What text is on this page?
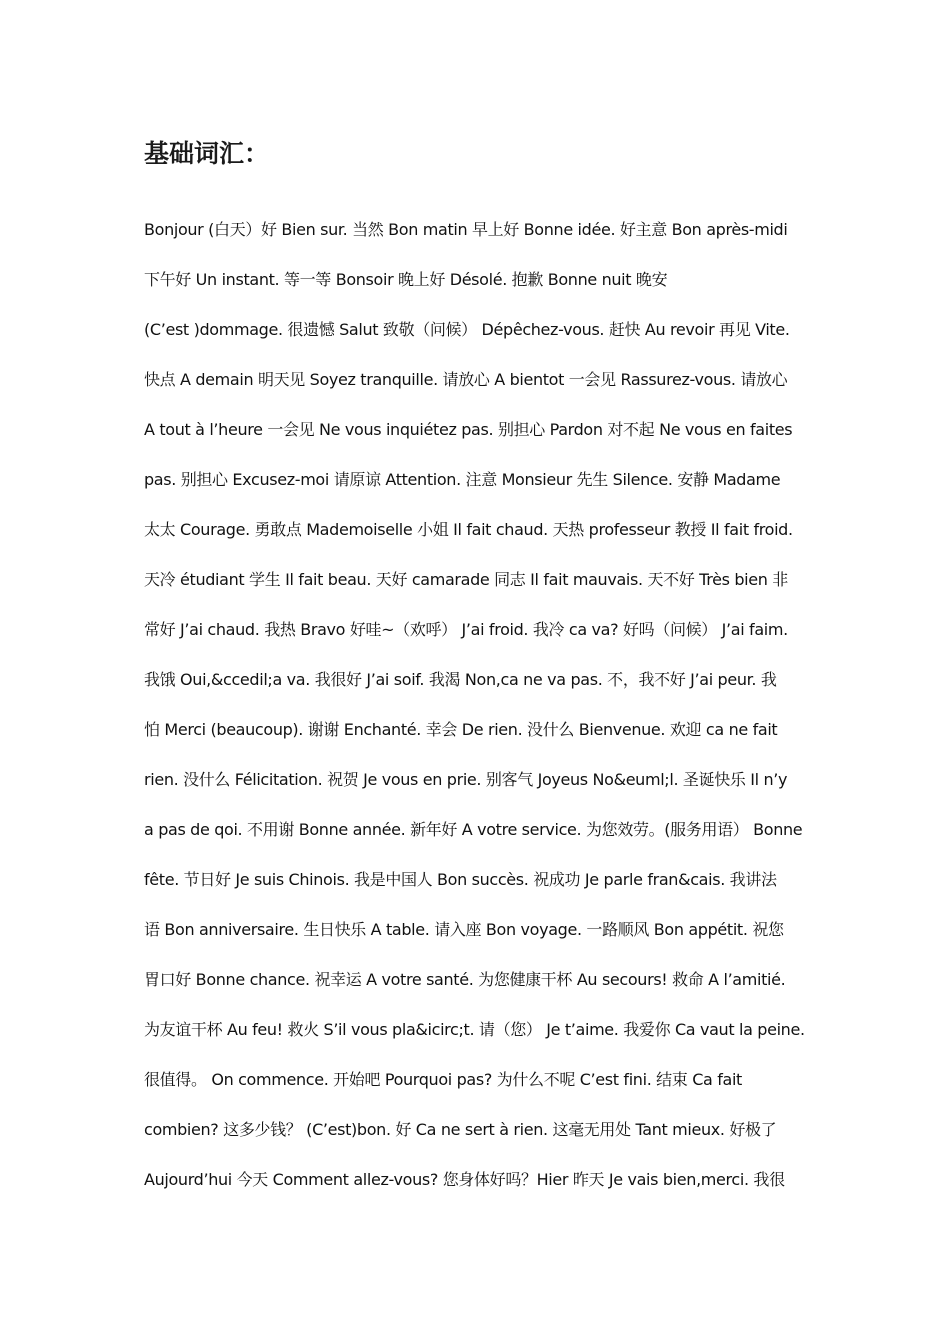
基础词汇：
Bonjour (白天）好 Bien sur. 当然 Bon matin 早上好 Bonne idée. 好主意 Bon après-midi
下午好 Un instant. 等一等 Bonsoir 晚上好 Désolé. 抱歉 Bonne nuit 晚安
(C’est )dommage. 很遗憾 Salut 致敬（问候） Dépêchez-vous. 赶快 Au revoir 再见 Vite.
快点 A demain 明天见 Soyez tranquille. 请放心 A bientot 一会见 Rassurez-vous. 请放心
A tout à l’heure 一会见 Ne vous inquiétez pas. 别担心 Pardon 对不起 Ne vous en faites
pas. 别担心 Excusez-moi 请原谅 Attention. 注意 Monsieur 先生 Silence. 安静 Madame
太太 Courage. 勇敢点 Mademoiselle 小姐 Il fait chaud. 天热 professeur 教授 Il fait froid.
天冷 étudiant 学生 Il fait beau. 天好 camarade 同志 Il fait mauvais. 天不好 Très bien 非
常好 J’ai chaud. 我热 Bravo 好哇~（欢呼） J’ai froid. 我冷 ca va? 好吗（问候） J’ai faim.
我饿 Oui,&ccedil;a va. 我很好 J’ai soif. 我渴 Non,ca ne va pas. 不，我不好 J’ai peur. 我
怕 Merci (beaucoup). 谢谢 Enchanté. 幸会 De rien. 没什么 Bienvenue. 欢迎 ca ne fait
rien. 没什么 Félicitation. 祝贺 Je vous en prie. 别客气 Joyeus No&euml;l. 圣诞快乐 Il n’y
a pas de qoi. 不用谢 Bonne année. 新年好 A votre service. 为您效劳。(服务用语） Bonne
fête. 节日好 Je suis Chinois. 我是中国人 Bon succès. 祝成功 Je parle fran&cais. 我讲法
语 Bon anniversaire. 生日快乐 A table. 请入座 Bon voyage. 一路顺风 Bon appétit. 祝您
胃口好 Bonne chance. 祝幸运 A votre santé. 为您健康干杯 Au secours! 救命 A l’amitié.
为友谊干杯 Au feu! 救火 S’il vous pla&icirc;t. 请（您） Je t’aime. 我爱你 Ca vaut la peine.
很值得。 On commence. 开始吧 Pourquoi pas? 为什么不呢 C’est fini. 结束 Ca fait
combien? 这多少钱？ (C’est)bon. 好 Ca ne sert à rien. 这毫无用处 Tant mieux. 好极了
Aujourd’hui 今天 Comment allez-vous? 您身体好吗？Hier 昨天 Je vais bien,merci. 我很
